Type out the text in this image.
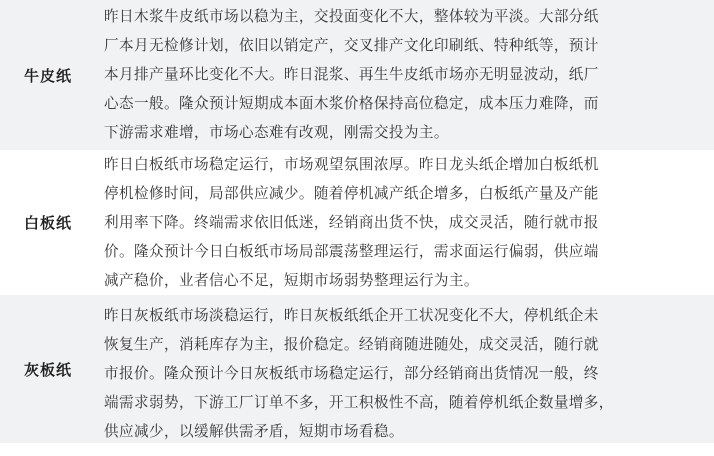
牛皮纸
昨日木浆牛皮纸市场以稳为主，交投面变化不大，整体较为平淡。大部分纸
厂本月无检修计划，依旧以销定产，交叉排产文化印刷纸、特种纸等，预计
本月排产量环比变化不大。昨日混浆、再生牛皮纸市场亦无明显波动，纸厂
心态一般。隆众预计短期成本面木浆价格保持高位稳定，成本压力难降，而
下游需求难增，市场心态难有改观，刚需交投为主。
白板纸
昨日白板纸市场稳定运行，市场观望氛围浓厚。昨日龙头纸企增加白板纸机
停机检修时间，局部供应减少。随着停机减产纸企增多，白板纸产量及产能
利用率下降。终端需求依旧低迷，经销商出货不快，成交灵活，随行就市报
价。隆众预计今日白板纸市场局部震荡整理运行，需求面运行偏弱，供应端
减产稳价，业者信心不足，短期市场弱势整理运行为主。
灰板纸
昨日灰板纸市场淡稳运行，昨日灰板纸纸企开工状况变化不大，停机纸企未
恢复生产，消耗库存为主，报价稳定。经销商随进随处，成交灵活，随行就
市报价。隆众预计今日灰板纸市场稳定运行，部分经销商出货情况一般，终
端需求弱势，下游工厂订单不多，开工积极性不高，随着停机纸企数量增多，
供应减少，以缓解供需矛盾，短期市场看稳。
